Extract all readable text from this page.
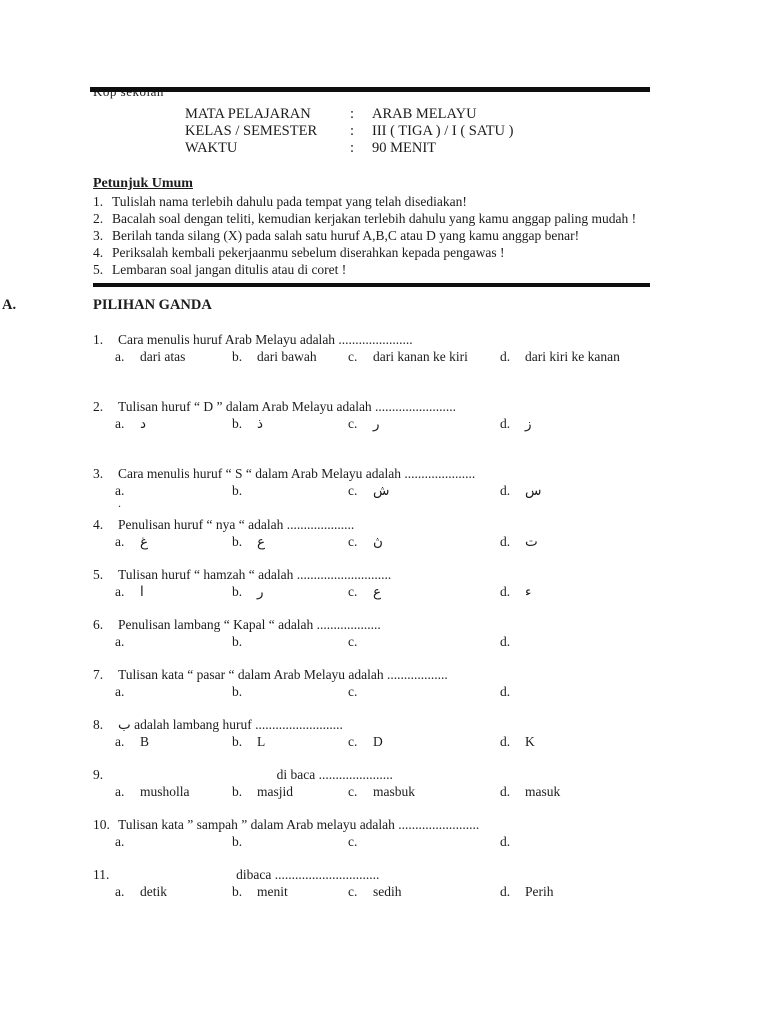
MATA PELAJARAN	:	ARAB MELAYU
KELAS / SEMESTER	:	III ( TIGA ) / I ( SATU )
WAKTU	:	90 MENIT
Petunjuk Umum
1. Tulislah nama terlebih dahulu pada tempat yang telah disediakan!
2. Bacalah soal dengan teliti, kemudian kerjakan terlebih dahulu yang kamu anggap paling mudah !
3. Berilah tanda silang (X) pada salah satu huruf A,B,C atau D yang kamu anggap benar!
4. Periksalah kembali pekerjaanmu sebelum diserahkan kepada pengawas !
5. Lembaran soal jangan ditulis atau di coret !
A.	PILIHAN GANDA
1.	Cara menulis huruf Arab Melayu adalah ......................
a. dari atas	b. dari bawah	c. dari kanan ke kiri	d. dari kiri ke kanan
2.	Tulisan huruf “ D ” dalam Arab Melayu adalah ........................
a. د	b. ذ	c. ر	d. ز
3.	Cara menulis huruf “ S “ dalam Arab Melayu adalah .....................
a.	b.	c. ش	d. س
.
4.	Penulisan huruf “ nya “ adalah ....................
a. غ	b. ع	c. ڽ	d. ت
5.	Tulisan huruf “ hamzah “ adalah ............................
a. ا	b. ر	c. ع	d. ء
6.	Penulisan lambang “ Kapal “ adalah ...................
a.	b.	c.	d.
7.	Tulisan kata “ pasar “ dalam Arab Melayu adalah ..................
a.	b.	c.	d.
8.	ب adalah lambang huruf ..........................
a. B	b. L	c. D	d. K
9.	di baca ......................
a. musholla	b. masjid	c. masbuk	d. masuk
10. Tulisan kata ” sampah ” dalam Arab melayu adalah ........................
a.	b.	c.	d.
11. dibaca ...............................
a. detik	b. menit	c. sedih	d. Perih
